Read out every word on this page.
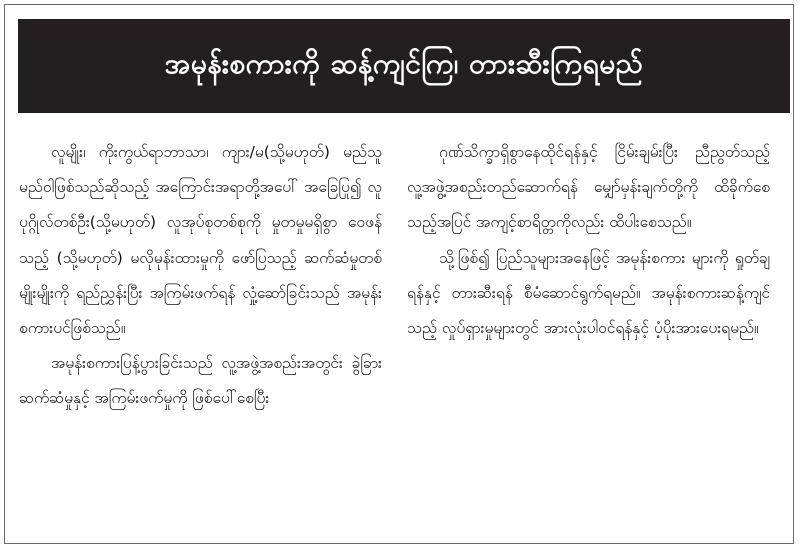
အမုန်းစကားကို ဆန့်ကျင်ကြ၊ တားဆီးကြရမည်

လူမျိုး၊ ကိုးကွယ်ရာဘာသာ၊ ကျား/မ(သို့မဟုတ်) မည်သူ မည်ဝါဖြစ်သည်ဆိုသည့် အကြောင်းအရာတို့အပေါ် အခြေပြု၍ လူပုဂ္ဂိုလ်တစ်ဦး(သို့မဟုတ်) လူအုပ်စုတစ်စုကို မှုတမှုမရှိစွာ ဝေဖန်သည့် (သို့မဟုတ်) မလိုမုန်းထားမှုကို ဖော်ပြသည့် ဆက်ဆံမှုတစ်မျိုးမျိုးကို ရည်ညွှန်းပြီး အကြမ်းဖက်ရန် လှုံ့ဆော်ခြင်းသည် အမုန်းစကားပင်ဖြစ်သည်။

အမုန်းစကားပြန့်ပွားခြင်းသည် လူ့အဖွဲ့အစည်းအတွင်း ခွဲခြားဆက်ဆံမှုနှင့် အကြမ်းဖက်မှုကို ဖြစ်ပေါ်စေပြီး

ဂုဏ်သိက္ခာရှိစွာနေထိုင်ရန်နှင့် ငြိမ်းချမ်းပြီး ညီညွတ်သည့် လူ့အဖွဲ့အစည်းတည်ဆောက်ရန် မျှော်မှန်းချက်တို့ကို ထိခိုက်စေသည့်အပြင် အကျင့်စာရိတ္တကိုလည်း ထိပါးစေသည်။

သို့ဖြစ်၍ ပြည်သူများအနေဖြင့် အမုန်းစကား များကို ရှုတ်ချရန်နှင့် တားဆီးရန် စီမံဆောင်ရွက်ရမည်။ အမုန်းစကားဆန့်ကျင်သည့် လှုပ်ရှားမှုများတွင် အားလုံးပါဝင်ရန်နှင့် ပံ့ပိုးအားပေးရမည်။
